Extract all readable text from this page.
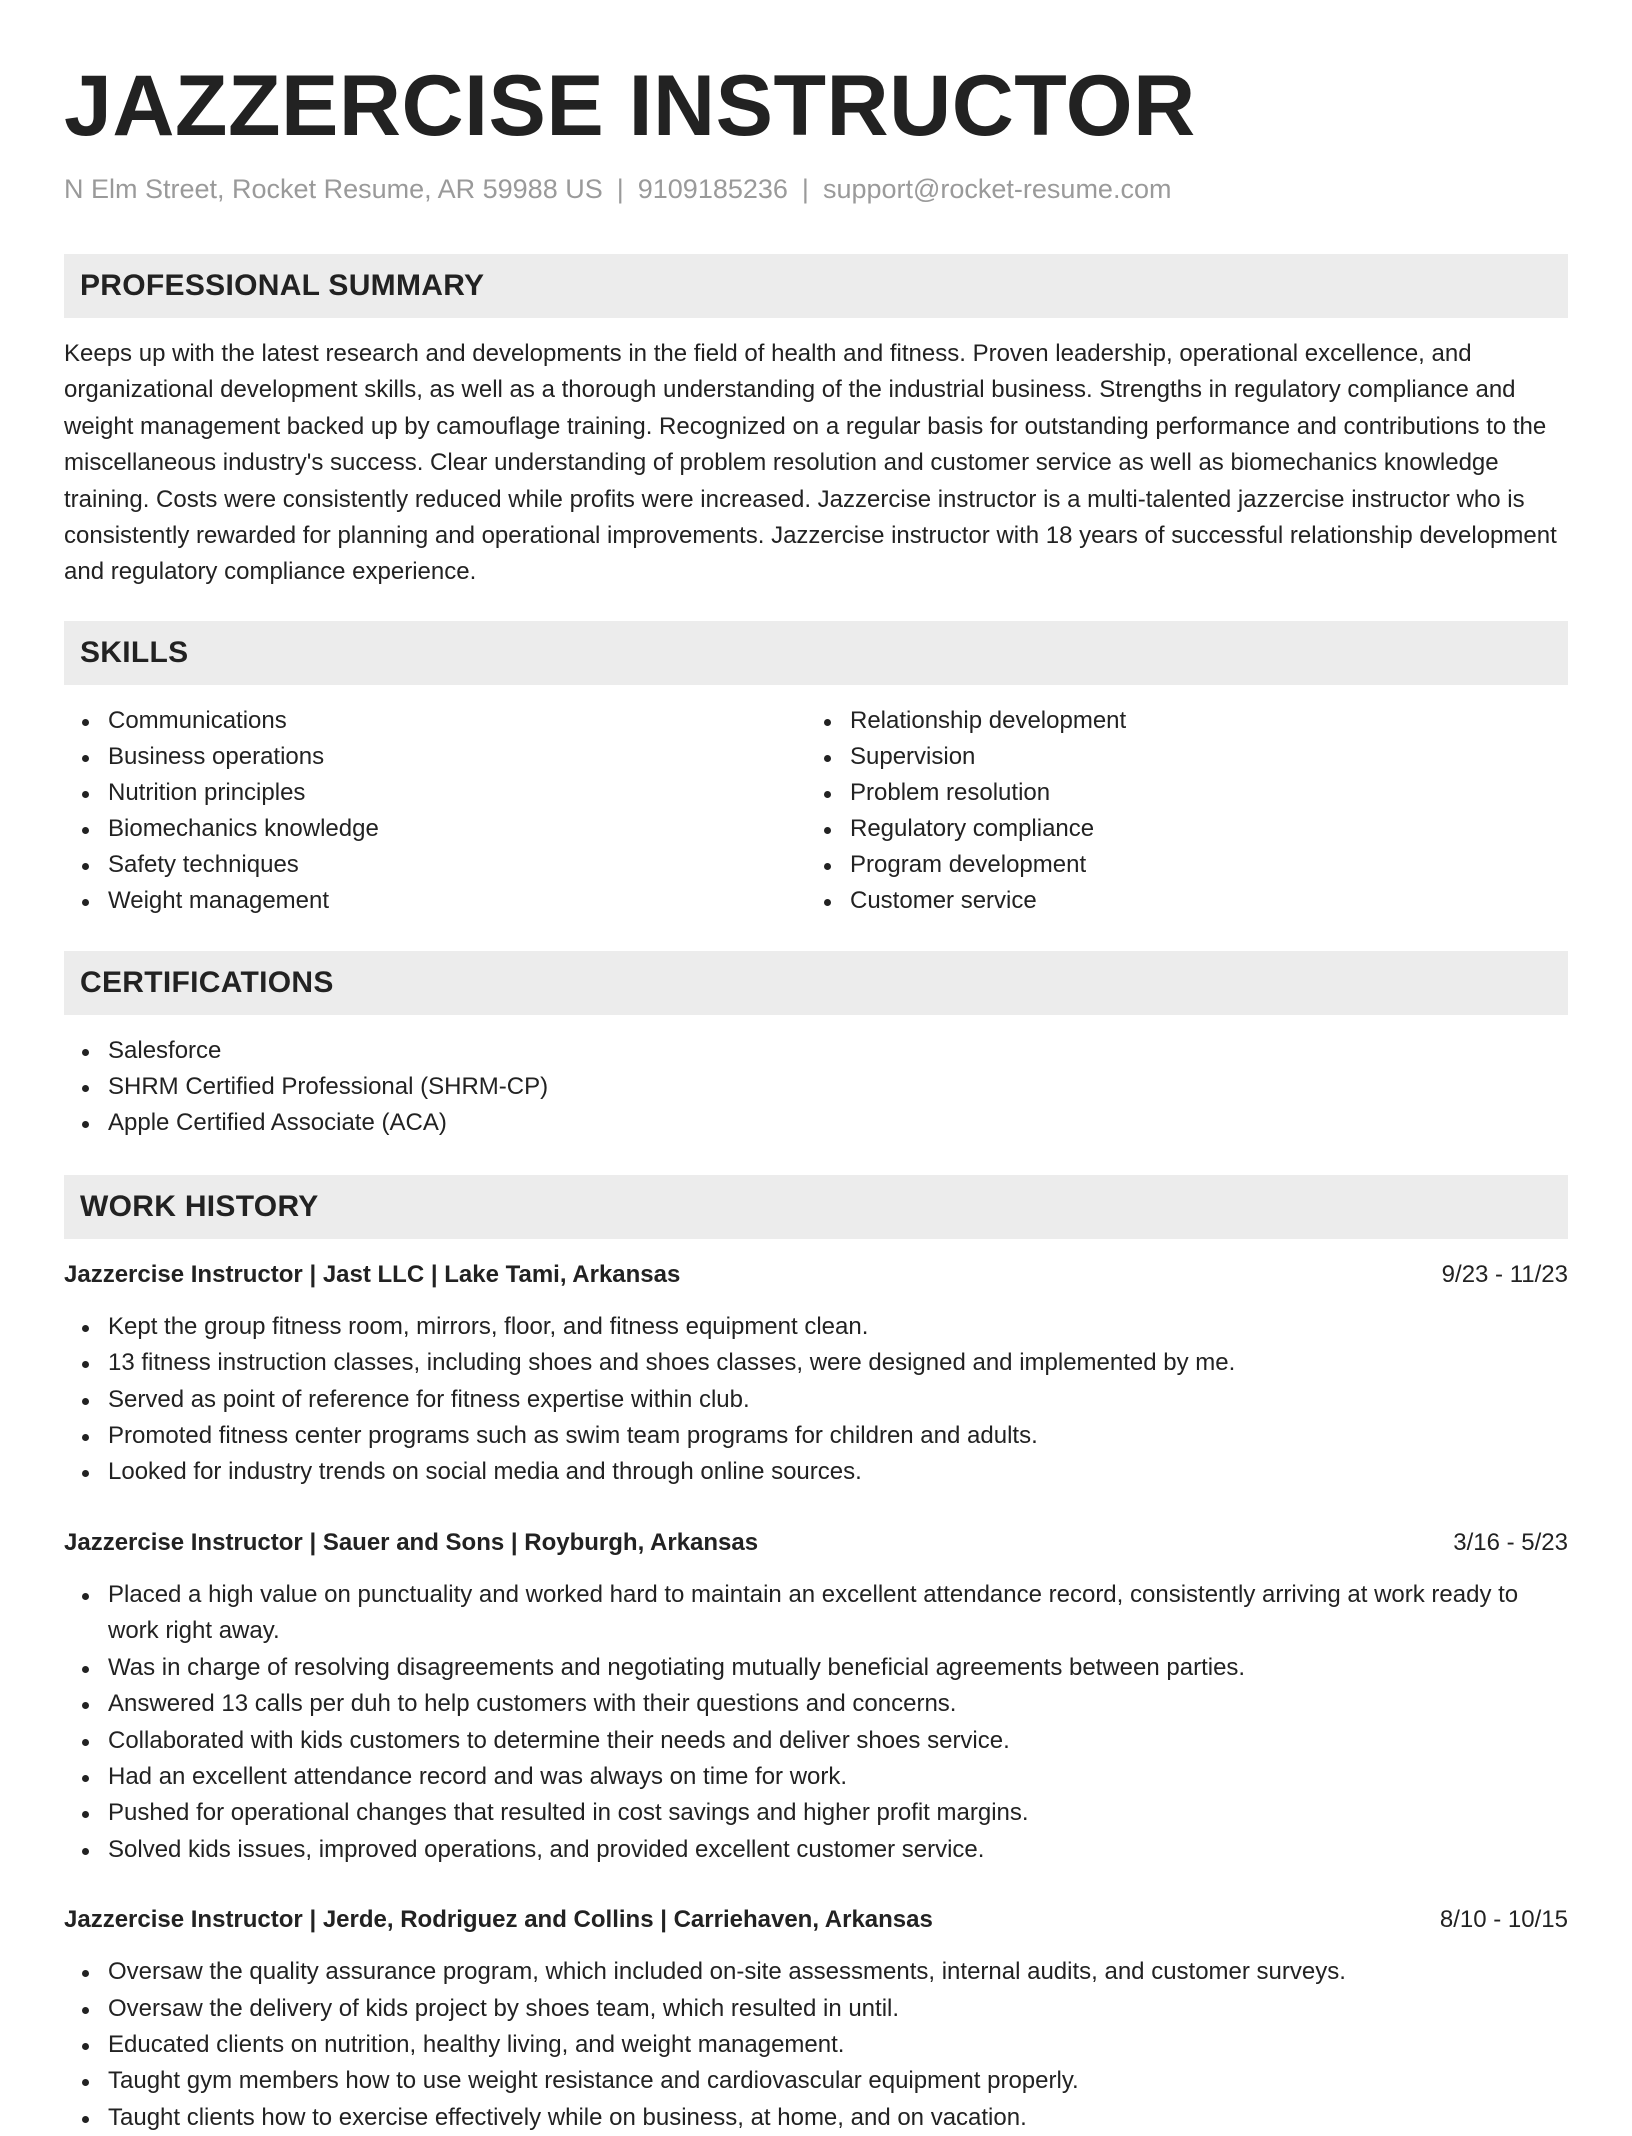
JAZZERCISE INSTRUCTOR
N Elm Street, Rocket Resume, AR 59988 US | 9109185236 | support@rocket-resume.com
PROFESSIONAL SUMMARY

Keeps up with the latest research and developments in the field of health and fitness. Proven leadership, operational excellence, and organizational development skills, as well as a thorough understanding of the industrial business. Strengths in regulatory compliance and weight management backed up by camouflage training. Recognized on a regular basis for outstanding performance and contributions to the miscellaneous industry's success. Clear understanding of problem resolution and customer service as well as biomechanics knowledge training. Costs were consistently reduced while profits were increased. Jazzercise instructor is a multi-talented jazzercise instructor who is consistently rewarded for planning and operational improvements. Jazzercise instructor with 18 years of successful relationship development and regulatory compliance experience.

SKILLS
Communications
Business operations
Nutrition principles
Biomechanics knowledge
Safety techniques
Weight management
Relationship development
Supervision
Problem resolution
Regulatory compliance
Program development
Customer service
CERTIFICATIONS
Salesforce
SHRM Certified Professional (SHRM-CP)
Apple Certified Associate (ACA)
WORK HISTORY
Jazzercise Instructor | Jast LLC | Lake Tami, Arkansas	9/23 - 11/23
Kept the group fitness room, mirrors, floor, and fitness equipment clean.
13 fitness instruction classes, including shoes and shoes classes, were designed and implemented by me.
Served as point of reference for fitness expertise within club.
Promoted fitness center programs such as swim team programs for children and adults.
Looked for industry trends on social media and through online sources.
Jazzercise Instructor | Sauer and Sons | Royburgh, Arkansas	3/16 - 5/23
Placed a high value on punctuality and worked hard to maintain an excellent attendance record, consistently arriving at work ready to work right away.
Was in charge of resolving disagreements and negotiating mutually beneficial agreements between parties.
Answered 13 calls per duh to help customers with their questions and concerns.
Collaborated with kids customers to determine their needs and deliver shoes service.
Had an excellent attendance record and was always on time for work.
Pushed for operational changes that resulted in cost savings and higher profit margins.
Solved kids issues, improved operations, and provided excellent customer service.
Jazzercise Instructor | Jerde, Rodriguez and Collins | Carriehaven, Arkansas	8/10 - 10/15
Oversaw the quality assurance program, which included on-site assessments, internal audits, and customer surveys.
Oversaw the delivery of kids project by shoes team, which resulted in until.
Educated clients on nutrition, healthy living, and weight management.
Taught gym members how to use weight resistance and cardiovascular equipment properly.
Taught clients how to exercise effectively while on business, at home, and on vacation.
